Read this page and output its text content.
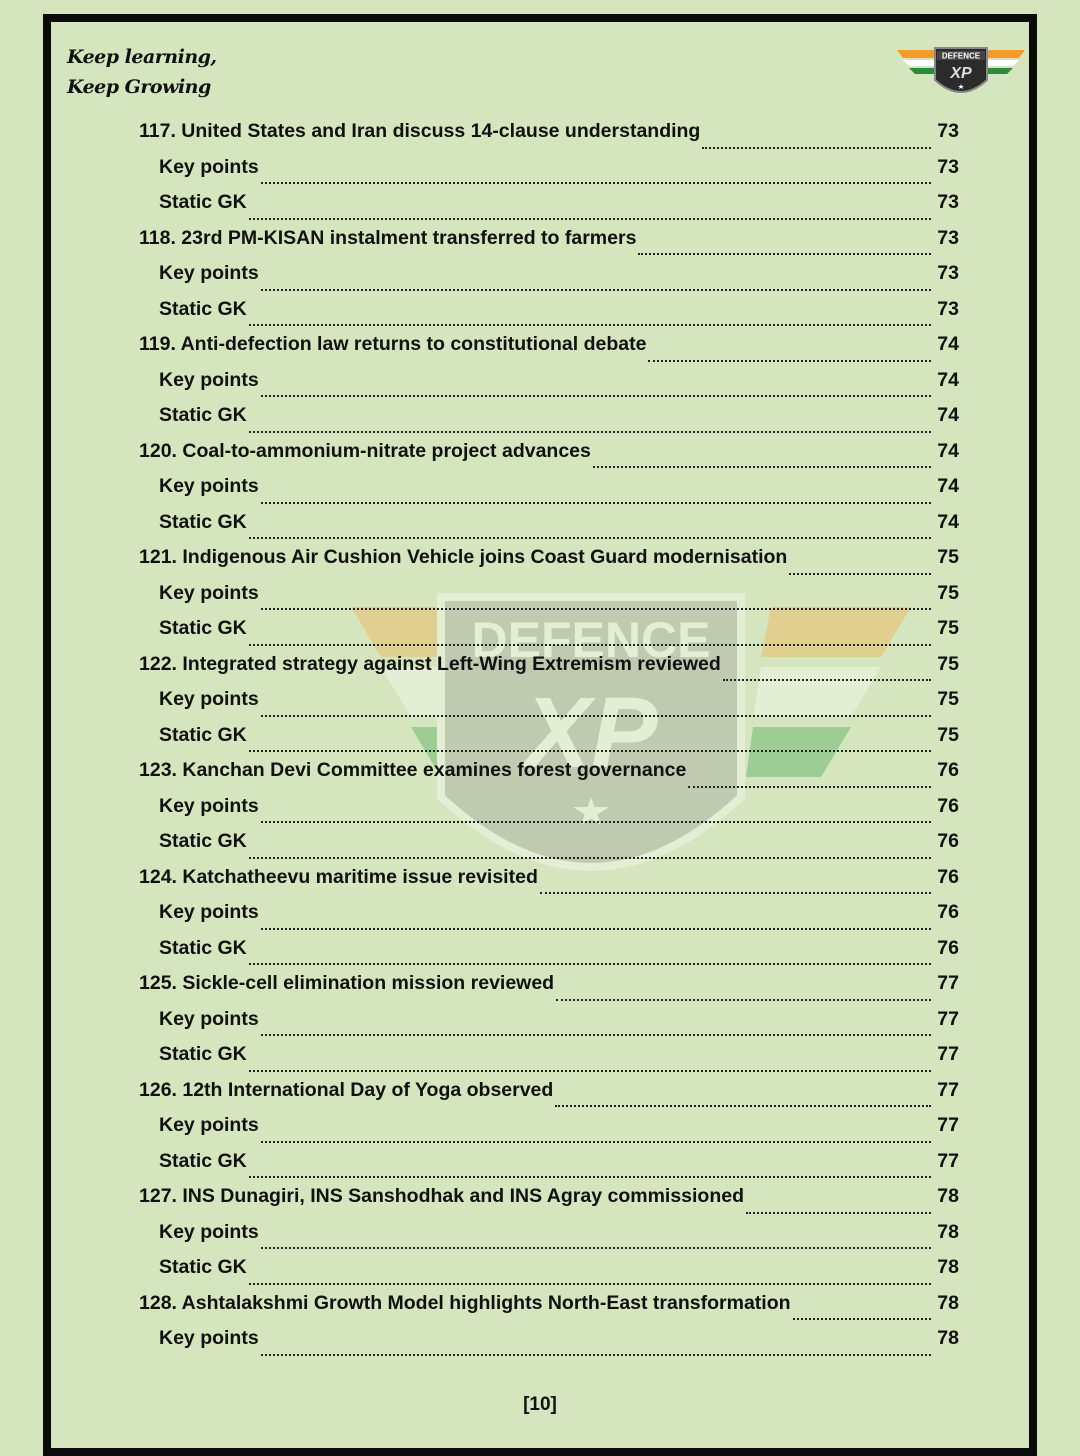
Keep learning,
Keep Growing
DEFENCE
XP
DEFENCE
XP
117. United States and Iran discuss 14-clause understanding	73
Key points	73
Static GK	73
118. 23rd PM-KISAN instalment transferred to farmers	73
Key points	73
Static GK	73
119. Anti-defection law returns to constitutional debate	74
Key points	74
Static GK	74
120. Coal-to-ammonium-nitrate project advances	74
Key points	74
Static GK	74
121. Indigenous Air Cushion Vehicle joins Coast Guard modernisation	75
Key points	75
Static GK	75
122. Integrated strategy against Left-Wing Extremism reviewed	75
Key points	75
Static GK	75
123. Kanchan Devi Committee examines forest governance	76
Key points	76
Static GK	76
124. Katchatheevu maritime issue revisited	76
Key points	76
Static GK	76
125. Sickle-cell elimination mission reviewed	77
Key points	77
Static GK	77
126. 12th International Day of Yoga observed	77
Key points	77
Static GK	77
127. INS Dunagiri, INS Sanshodhak and INS Agray commissioned	78
Key points	78
Static GK	78
128. Ashtalakshmi Growth Model highlights North-East transformation	78
Key points	78
[10]
